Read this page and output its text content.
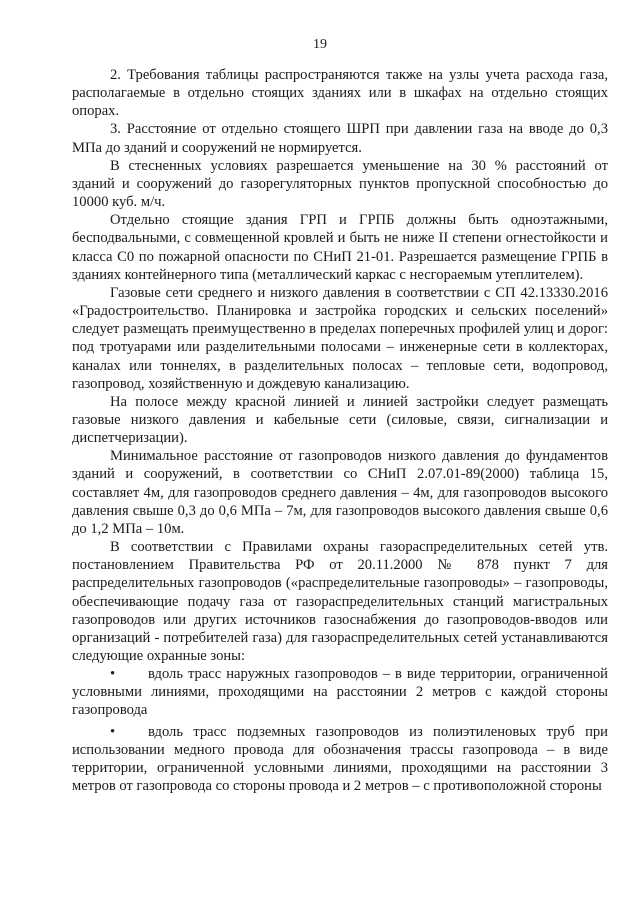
19

2. Требования таблицы распространяются также на узлы учета расхода газа, располагаемые в отдельно стоящих зданиях или в шкафах на отдельно стоящих опорах.

3. Расстояние от отдельно стоящего ШРП при давлении газа на вводе до 0,3 МПа до зданий и сооружений не нормируется.

В стесненных условиях разрешается уменьшение на 30 % расстояний от зданий и сооружений до газорегуляторных пунктов пропускной способностью до 10000 куб. м/ч.

Отдельно стоящие здания ГРП и ГРПБ должны быть одноэтажными, бесподвальными, с совмещенной кровлей и быть не ниже II степени огнестойкости и класса С0 по пожарной опасности по СНиП 21-01. Разрешается размещение ГРПБ в зданиях контейнерного типа (металлический каркас с несгораемым утеплителем).

Газовые сети среднего и низкого давления в соответствии с СП 42.13330.2016 «Градостроительство. Планировка и застройка городских и сельских поселений» следует размещать преимущественно в пределах поперечных профилей улиц и дорог: под тротуарами или разделительными полосами – инженерные сети в коллекторах, каналах или тоннелях, в разделительных полосах – тепловые сети, водопровод, газопровод, хозяйственную и дождевую канализацию.

На полосе между красной линией и линией застройки следует размещать газовые низкого давления и кабельные сети (силовые, связи, сигнализации и диспетчеризации).

Минимальное расстояние от газопроводов низкого давления до фундаментов зданий и сооружений, в соответствии со СНиП 2.07.01-89(2000) таблица 15, составляет 4м, для газопроводов среднего давления – 4м, для газопроводов высокого давления свыше 0,3 до 0,6 МПа – 7м, для газопроводов высокого давления свыше 0,6 до 1,2 МПа – 10м.

В соответствии с Правилами охраны газораспределительных сетей утв. постановлением Правительства РФ от 20.11.2000 № 878 пункт 7 для распределительных газопроводов («распределительные газопроводы» – газопроводы, обеспечивающие подачу газа от газораспределительных станций магистральных газопроводов или других источников газоснабжения до газопроводов-вводов или организаций - потребителей газа) для газораспределительных сетей устанавливаются следующие охранные зоны:

• вдоль трасс наружных газопроводов – в виде территории, ограниченной условными линиями, проходящими на расстоянии 2 метров с каждой стороны газопровода

• вдоль трасс подземных газопроводов из полиэтиленовых труб при использовании медного провода для обозначения трассы газопровода – в виде территории, ограниченной условными линиями, проходящими на расстоянии 3 метров от газопровода со стороны провода и 2 метров – с противоположной стороны
